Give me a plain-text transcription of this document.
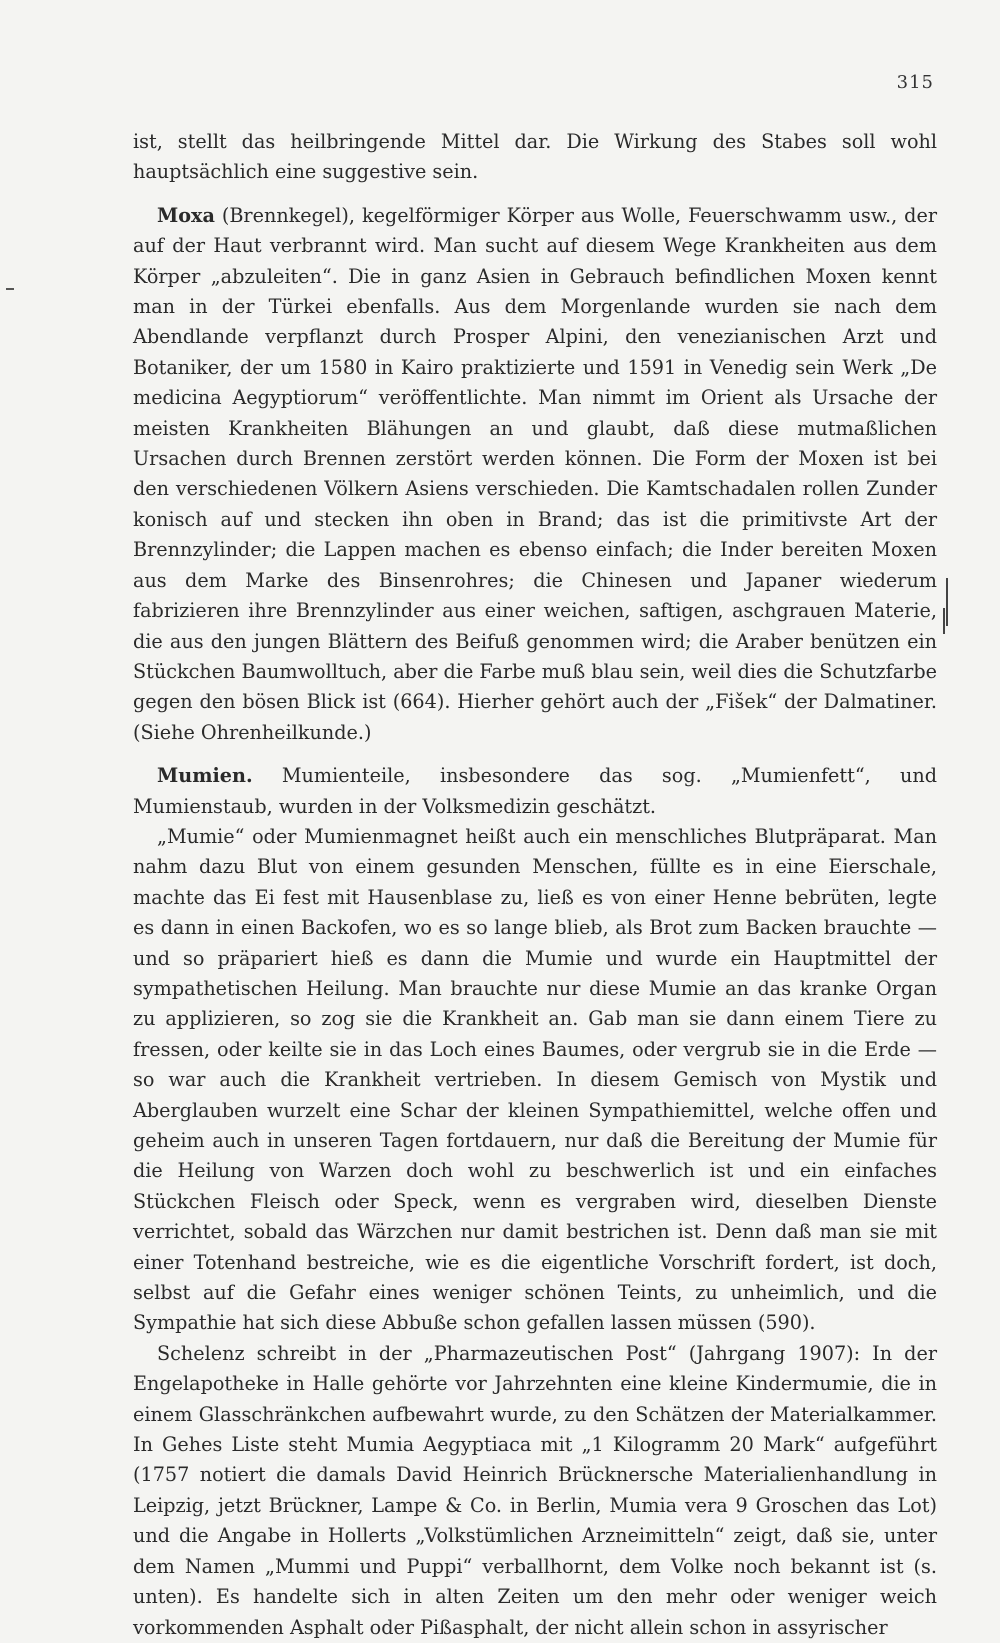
315

ist, stellt das heilbringende Mittel dar. Die Wirkung des Stabes soll wohl hauptsächlich eine suggestive sein.

Moxa (Brennkegel), kegelförmiger Körper aus Wolle, Feuerschwamm usw., der auf der Haut verbrannt wird. Man sucht auf diesem Wege Krankheiten aus dem Körper „abzuleiten“. Die in ganz Asien in Gebrauch befindlichen Moxen kennt man in der Türkei ebenfalls. Aus dem Morgenlande wurden sie nach dem Abendlande verpflanzt durch Prosper Alpini, den venezianischen Arzt und Botaniker, der um 1580 in Kairo praktizierte und 1591 in Venedig sein Werk „De medicina Aegyptiorum“ veröffentlichte. Man nimmt im Orient als Ursache der meisten Krankheiten Blähungen an und glaubt, daß diese mutmaßlichen Ursachen durch Brennen zerstört werden können. Die Form der Moxen ist bei den verschiedenen Völkern Asiens verschieden. Die Kamtschadalen rollen Zunder konisch auf und stecken ihn oben in Brand; das ist die primitivste Art der Brennzylinder; die Lappen machen es ebenso einfach; die Inder bereiten Moxen aus dem Marke des Binsenrohres; die Chinesen und Japaner wiederum fabrizieren ihre Brennzylinder aus einer weichen, saftigen, aschgrauen Materie, die aus den jungen Blättern des Beifuß genommen wird; die Araber benützen ein Stückchen Baumwolltuch, aber die Farbe muß blau sein, weil dies die Schutzfarbe gegen den bösen Blick ist (664). Hierher gehört auch der „Fišek“ der Dalmatiner. (Siehe Ohrenheilkunde.)

Mumien. Mumienteile, insbesondere das sog. „Mumienfett“, und Mumienstaub, wurden in der Volksmedizin geschätzt.

„Mumie“ oder Mumienmagnet heißt auch ein menschliches Blutpräparat. Man nahm dazu Blut von einem gesunden Menschen, füllte es in eine Eierschale, machte das Ei fest mit Hausenblase zu, ließ es von einer Henne bebrüten, legte es dann in einen Backofen, wo es so lange blieb, als Brot zum Backen brauchte — und so präpariert hieß es dann die Mumie und wurde ein Hauptmittel der sympathetischen Heilung. Man brauchte nur diese Mumie an das kranke Organ zu applizieren, so zog sie die Krankheit an. Gab man sie dann einem Tiere zu fressen, oder keilte sie in das Loch eines Baumes, oder vergrub sie in die Erde — so war auch die Krankheit vertrieben. In diesem Gemisch von Mystik und Aberglauben wurzelt eine Schar der kleinen Sympathiemittel, welche offen und geheim auch in unseren Tagen fortdauern, nur daß die Bereitung der Mumie für die Heilung von Warzen doch wohl zu beschwerlich ist und ein einfaches Stückchen Fleisch oder Speck, wenn es vergraben wird, dieselben Dienste verrichtet, sobald das Wärzchen nur damit bestrichen ist. Denn daß man sie mit einer Totenhand bestreiche, wie es die eigentliche Vorschrift fordert, ist doch, selbst auf die Gefahr eines weniger schönen Teints, zu unheimlich, und die Sympathie hat sich diese Abbuße schon gefallen lassen müssen (590).

Schelenz schreibt in der „Pharmazeutischen Post“ (Jahrgang 1907): In der Engelapotheke in Halle gehörte vor Jahrzehnten eine kleine Kindermumie, die in einem Glasschränkchen aufbewahrt wurde, zu den Schätzen der Materialkammer. In Gehes Liste steht Mumia Aegyptiaca mit „1 Kilogramm 20 Mark“ aufgeführt (1757 notiert die damals David Heinrich Brücknersche Materialienhandlung in Leipzig, jetzt Brückner, Lampe & Co. in Berlin, Mumia vera 9 Groschen das Lot) und die Angabe in Hollerts „Volkstümlichen Arzneimitteln“ zeigt, daß sie, unter dem Namen „Mummi und Puppi“ verballhornt, dem Volke noch bekannt ist (s. unten). Es handelte sich in alten Zeiten um den mehr oder weniger weich vorkommenden Asphalt oder Pißasphalt, der nicht allein schon in assyrischer
